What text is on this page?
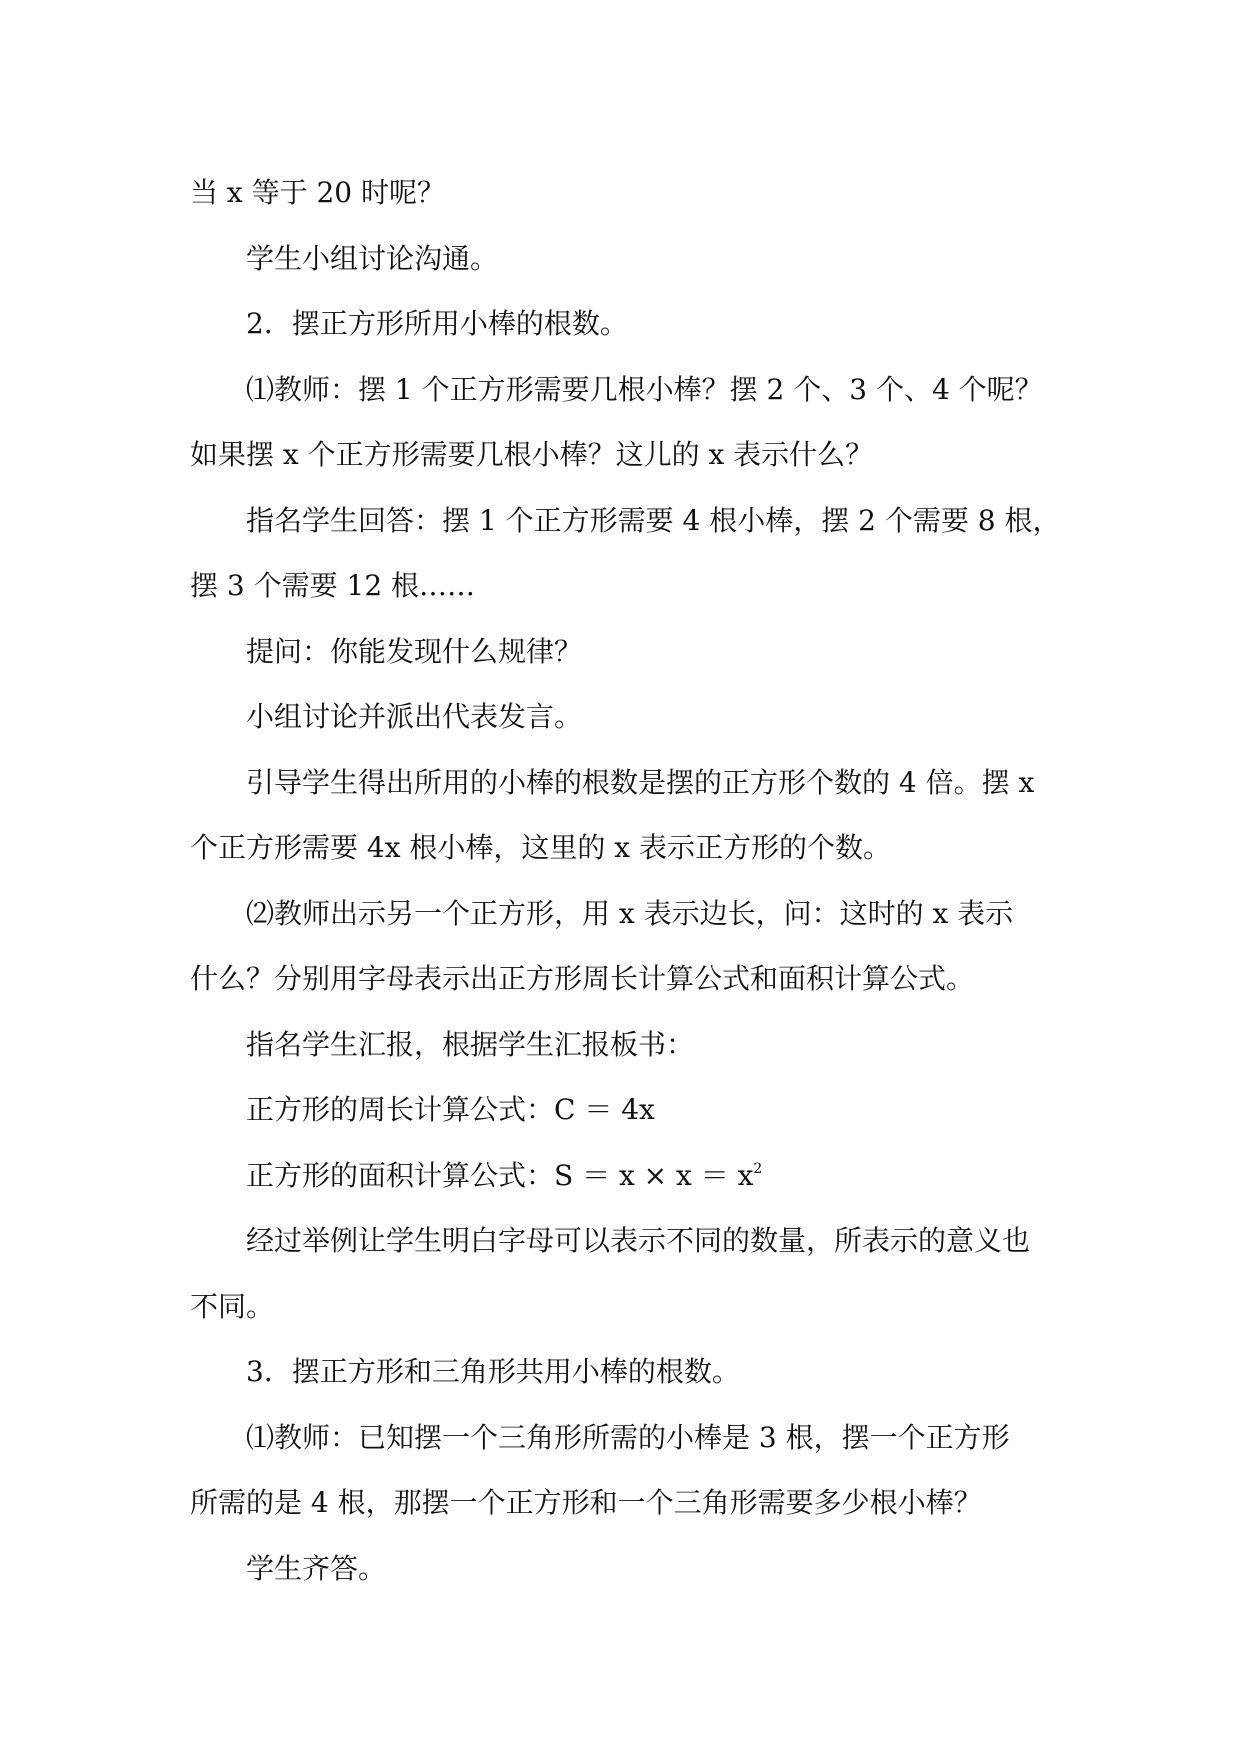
当 x 等于 20 时呢？
学生小组讨论沟通。
2．摆正方形所用小棒的根数。
⑴教师：摆 1 个正方形需要几根小棒？摆 2 个、3 个、4 个呢？
如果摆 x 个正方形需要几根小棒？这儿的 x 表示什么？
指名学生回答：摆 1 个正方形需要 4 根小棒，摆 2 个需要 8 根，
摆 3 个需要 12 根……
提问：你能发现什么规律？
小组讨论并派出代表发言。
引导学生得出所用的小棒的根数是摆的正方形个数的 4 倍。摆 x
个正方形需要 4x 根小棒，这里的 x 表示正方形的个数。
⑵教师出示另一个正方形，用 x 表示边长，问：这时的 x 表示
什么？分别用字母表示出正方形周长计算公式和面积计算公式。
指名学生汇报，根据学生汇报板书：
正方形的周长计算公式：C ＝ 4x
正方形的面积计算公式：$S = x \times x = x^2$
经过举例让学生明白字母可以表示不同的数量，所表示的意义也
不同。
3．摆正方形和三角形共用小棒的根数。
⑴教师：已知摆一个三角形所需的小棒是 3 根，摆一个正方形
所需的是 4 根，那摆一个正方形和一个三角形需要多少根小棒？
学生齐答。
